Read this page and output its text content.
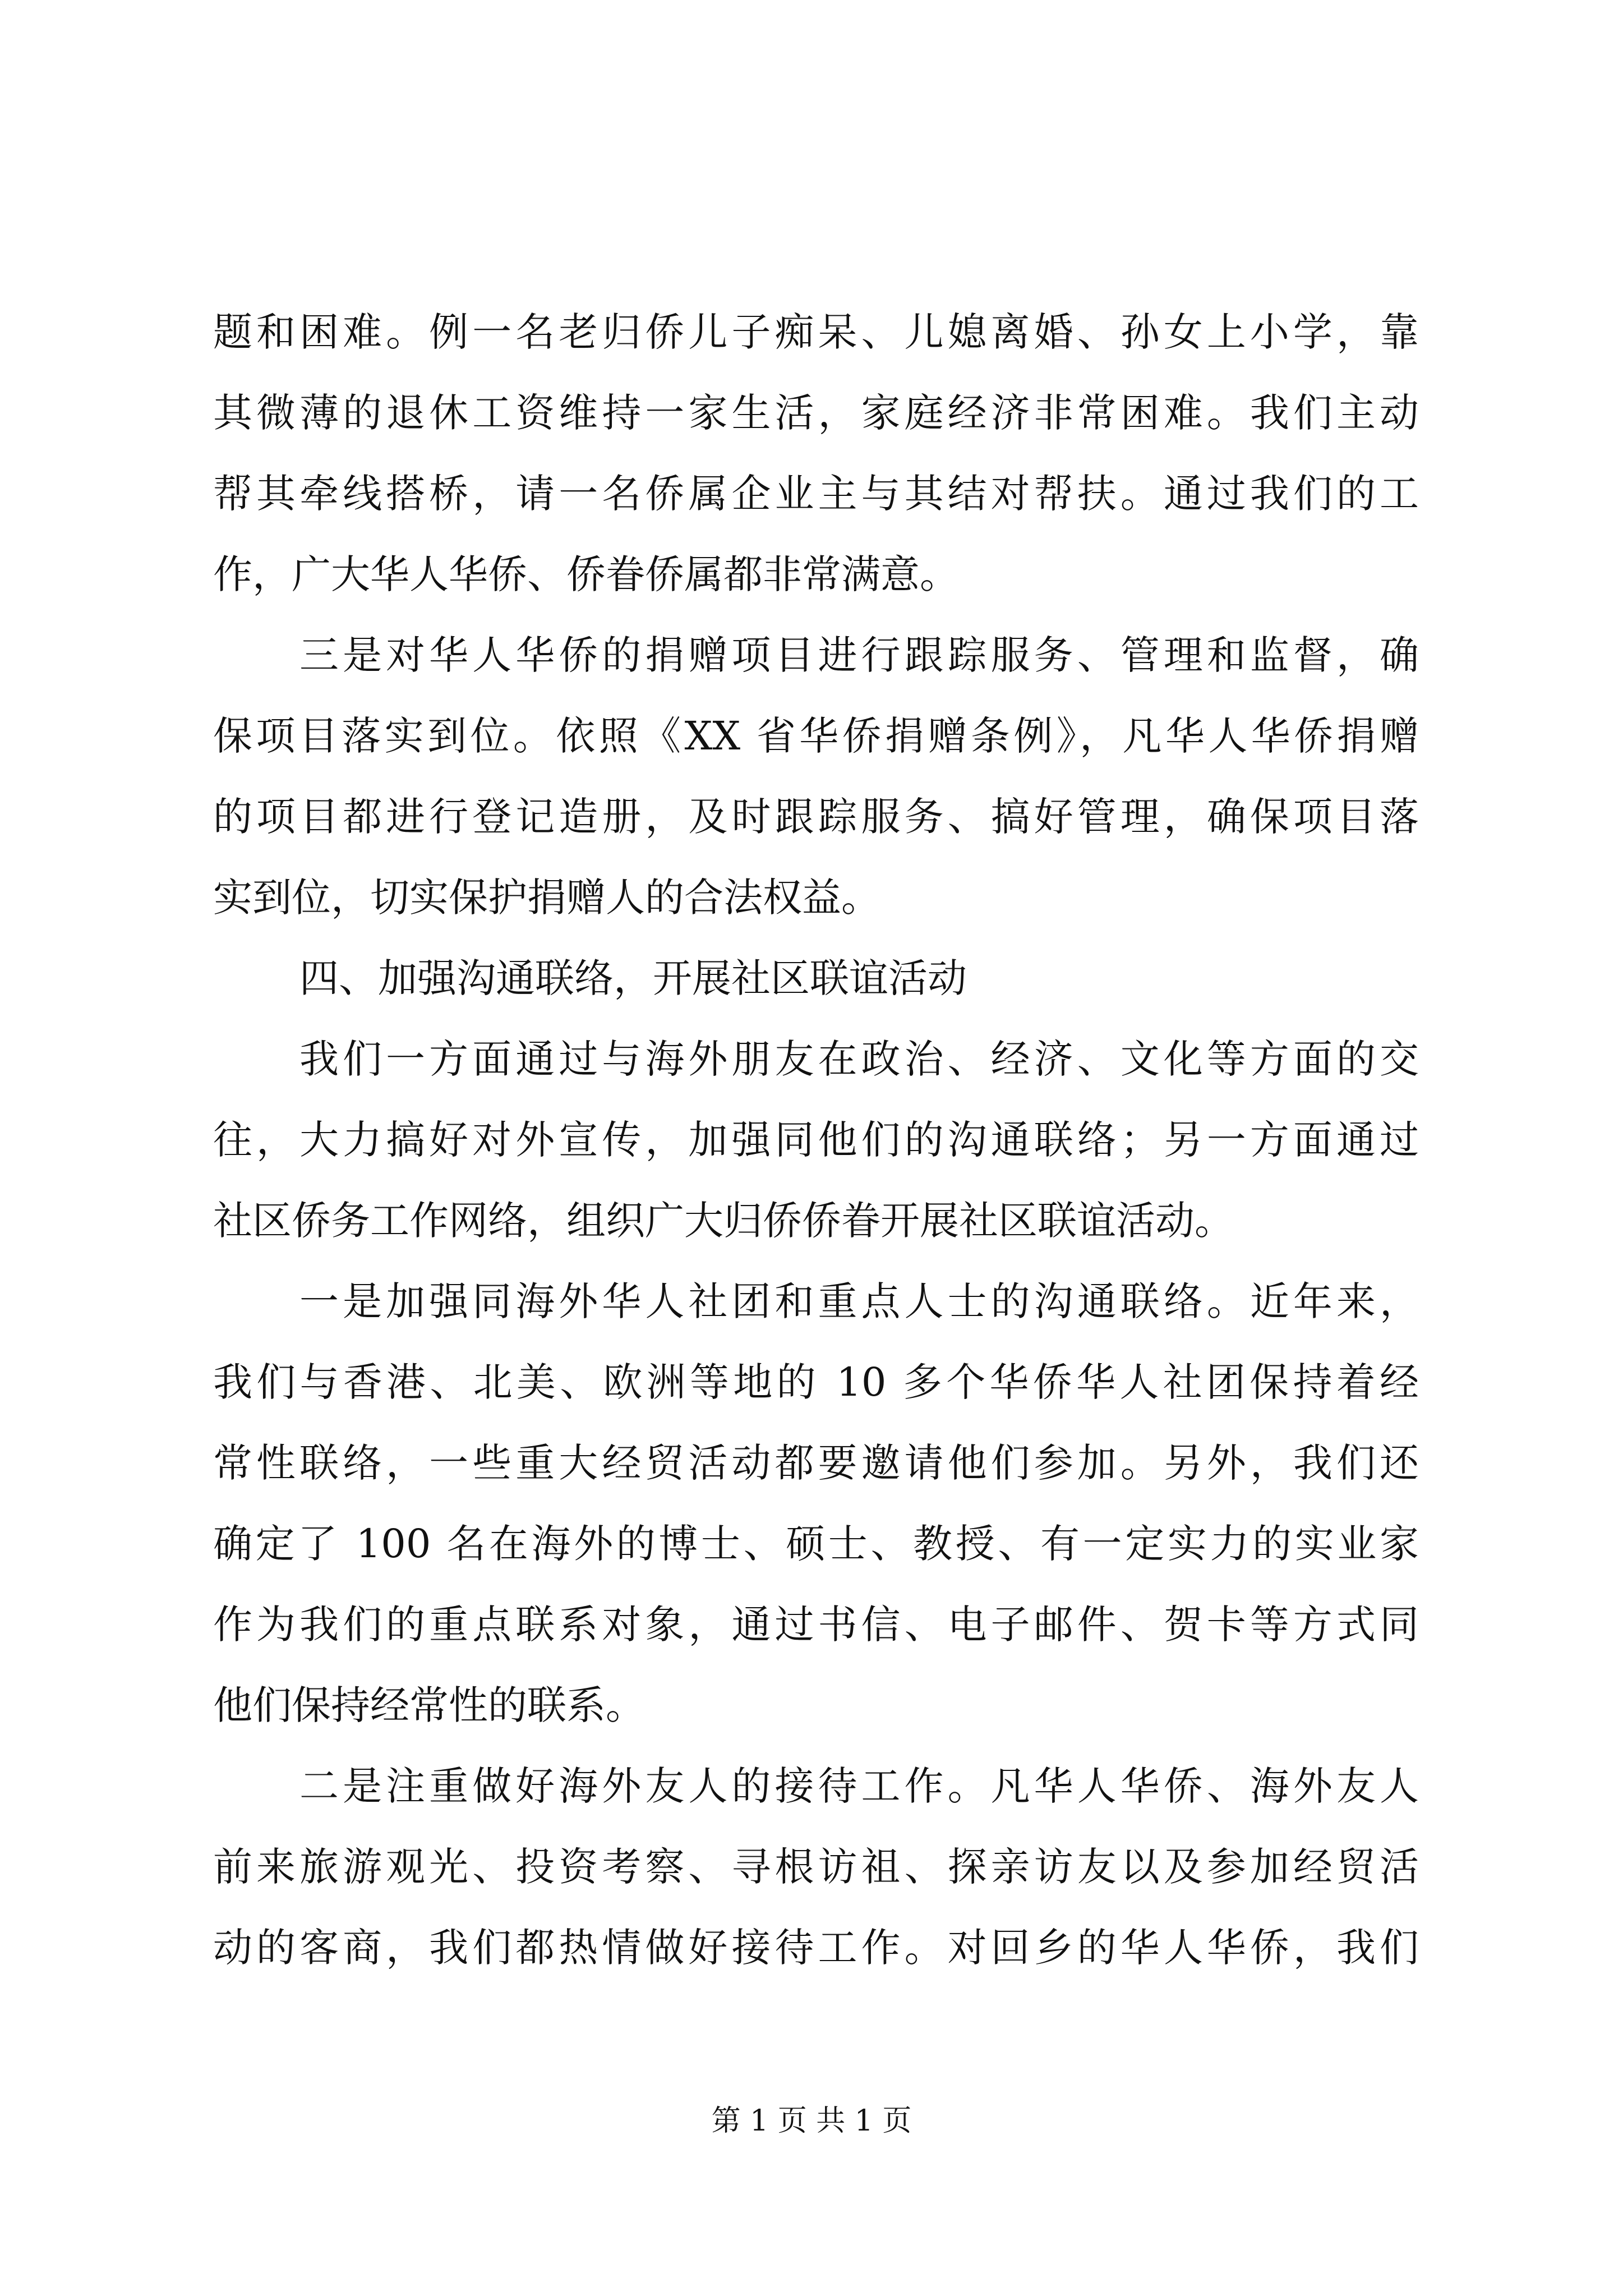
题和困难。例一名老归侨儿子痴呆、儿媳离婚、孙女上小学，靠
其微薄的退休工资维持一家生活，家庭经济非常困难。我们主动
帮其牵线搭桥，请一名侨属企业主与其结对帮扶。通过我们的工
作，广大华人华侨、侨眷侨属都非常满意。
三是对华人华侨的捐赠项目进行跟踪服务、管理和监督，确
保项目落实到位。依照《XX 省华侨捐赠条例》，凡华人华侨捐赠
的项目都进行登记造册，及时跟踪服务、搞好管理，确保项目落
实到位，切实保护捐赠人的合法权益。
四、加强沟通联络，开展社区联谊活动
我们一方面通过与海外朋友在政治、经济、文化等方面的交
往，大力搞好对外宣传，加强同他们的沟通联络；另一方面通过
社区侨务工作网络，组织广大归侨侨眷开展社区联谊活动。
一是加强同海外华人社团和重点人士的沟通联络。近年来，
我们与香港、北美、欧洲等地的 10 多个华侨华人社团保持着经
常性联络，一些重大经贸活动都要邀请他们参加。另外，我们还
确定了 100 名在海外的博士、硕士、教授、有一定实力的实业家
作为我们的重点联系对象，通过书信、电子邮件、贺卡等方式同
他们保持经常性的联系。
二是注重做好海外友人的接待工作。凡华人华侨、海外友人
前来旅游观光、投资考察、寻根访祖、探亲访友以及参加经贸活
动的客商，我们都热情做好接待工作。对回乡的华人华侨，我们
第 1 页 共 1 页
